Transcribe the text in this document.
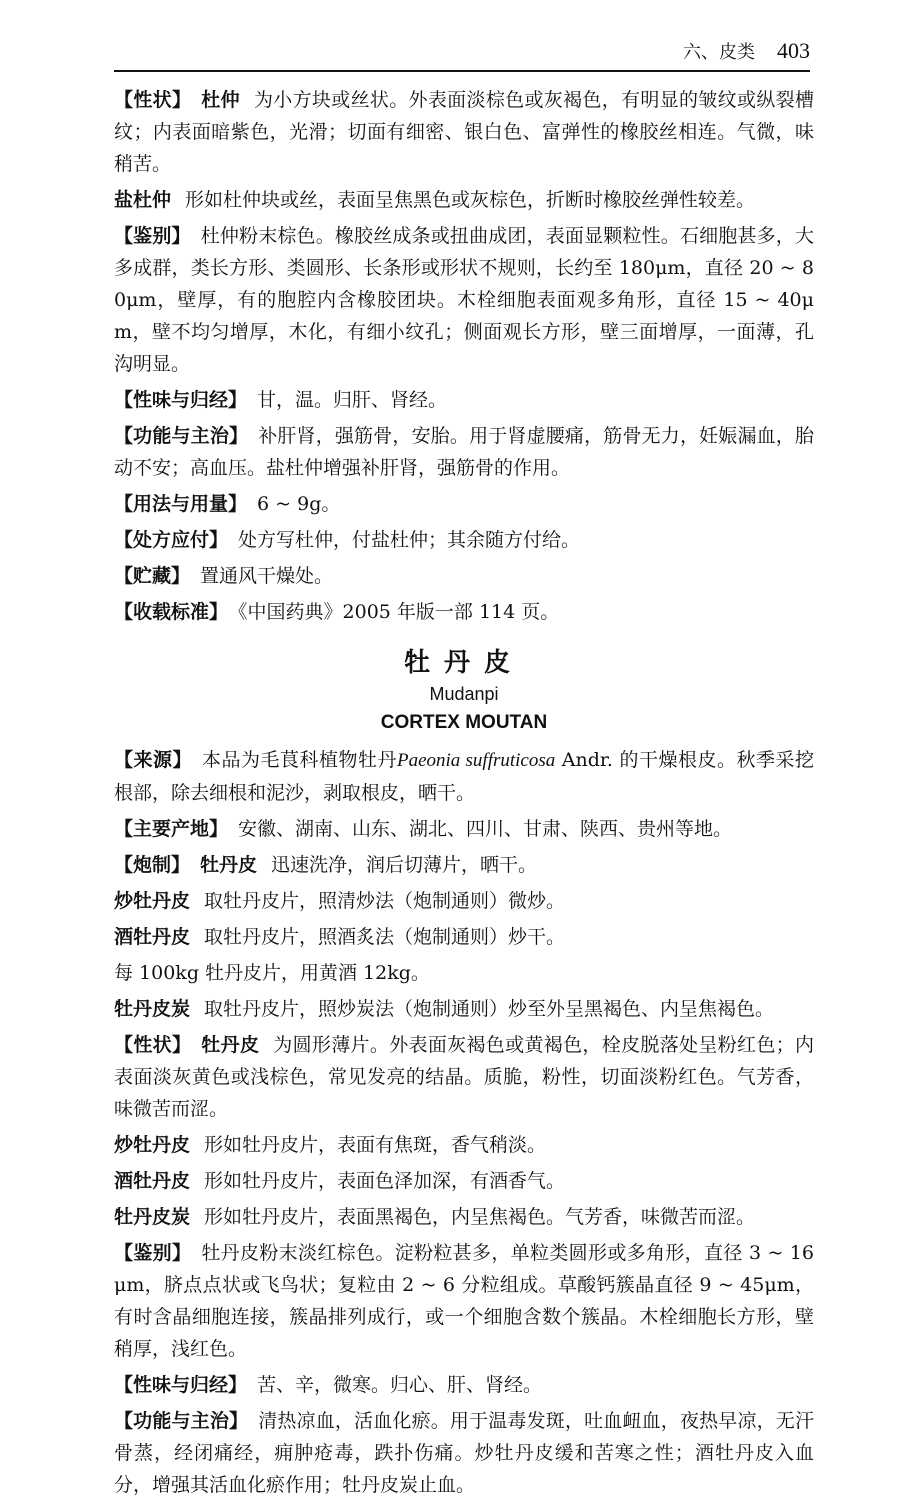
六、皮类 403

【性状】 杜仲 为小方块或丝状。外表面淡棕色或灰褐色，有明显的皱纹或纵裂槽纹；内表面暗紫色，光滑；切面有细密、银白色、富弹性的橡胶丝相连。气微，味稍苦。

盐杜仲 形如杜仲块或丝，表面呈焦黑色或灰棕色，折断时橡胶丝弹性较差。

【鉴别】 杜仲粉末棕色。橡胶丝成条或扭曲成团，表面显颗粒性。石细胞甚多，大多成群，类长方形、类圆形、长条形或形状不规则，长约至 180μm，直径 20 ~ 80μm，壁厚，有的胞腔内含橡胶团块。木栓细胞表面观多角形，直径 15 ~ 40μm，壁不均匀增厚，木化，有细小纹孔；侧面观长方形，壁三面增厚，一面薄，孔沟明显。

【性味与归经】 甘，温。归肝、肾经。

【功能与主治】 补肝肾，强筋骨，安胎。用于肾虚腰痛，筋骨无力，妊娠漏血，胎动不安；高血压。盐杜仲增强补肝肾，强筋骨的作用。

【用法与用量】 6 ~ 9g。

【处方应付】 处方写杜仲，付盐杜仲；其余随方付给。

【贮藏】 置通风干燥处。

【收载标准】 《中国药典》2005 年版一部 114 页。

牡丹皮
Mudanpi
CORTEX MOUTAN

【来源】 本品为毛茛科植物牡丹Paeonia suffruticosa Andr. 的干燥根皮。秋季采挖根部，除去细根和泥沙，剥取根皮，晒干。

【主要产地】 安徽、湖南、山东、湖北、四川、甘肃、陕西、贵州等地。

【炮制】 牡丹皮 迅速洗净，润后切薄片，晒干。

炒牡丹皮 取牡丹皮片，照清炒法（炮制通则）微炒。

酒牡丹皮 取牡丹皮片，照酒炙法（炮制通则）炒干。

每 100kg 牡丹皮片，用黄酒 12kg。

牡丹皮炭 取牡丹皮片，照炒炭法（炮制通则）炒至外呈黑褐色、内呈焦褐色。

【性状】 牡丹皮 为圆形薄片。外表面灰褐色或黄褐色，栓皮脱落处呈粉红色；内表面淡灰黄色或浅棕色，常见发亮的结晶。质脆，粉性，切面淡粉红色。气芳香，味微苦而涩。

炒牡丹皮 形如牡丹皮片，表面有焦斑，香气稍淡。

酒牡丹皮 形如牡丹皮片，表面色泽加深，有酒香气。

牡丹皮炭 形如牡丹皮片，表面黑褐色，内呈焦褐色。气芳香，味微苦而涩。

【鉴别】 牡丹皮粉末淡红棕色。淀粉粒甚多，单粒类圆形或多角形，直径 3 ~ 16μm，脐点点状或飞鸟状；复粒由 2 ~ 6 分粒组成。草酸钙簇晶直径 9 ~ 45μm，有时含晶细胞连接，簇晶排列成行，或一个细胞含数个簇晶。木栓细胞长方形，壁稍厚，浅红色。

【性味与归经】 苦、辛，微寒。归心、肝、肾经。

【功能与主治】 清热凉血，活血化瘀。用于温毒发斑，吐血衄血，夜热早凉，无汗骨蒸，经闭痛经，痈肿疮毒，跌扑伤痛。炒牡丹皮缓和苦寒之性；酒牡丹皮入血分，增强其活血化瘀作用；牡丹皮炭止血。
